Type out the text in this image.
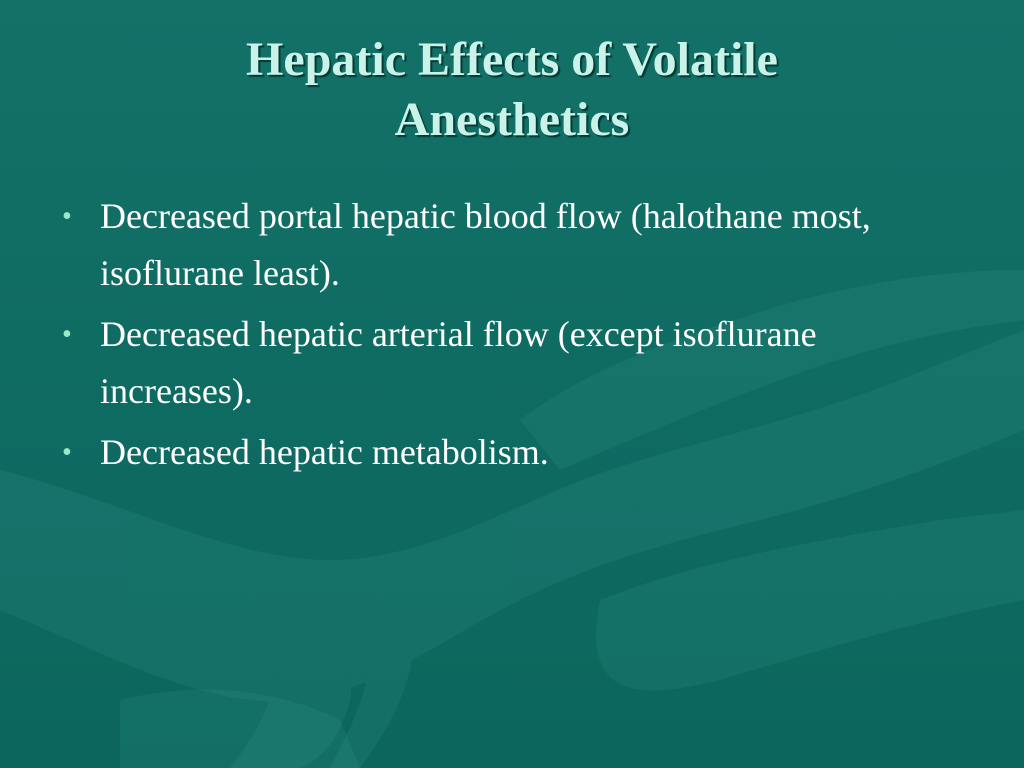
Hepatic Effects of Volatile
Anesthetics
• Decreased portal hepatic blood flow (halothane most, isoflurane least).
• Decreased hepatic arterial flow (except isoflurane increases).
• Decreased hepatic metabolism.
